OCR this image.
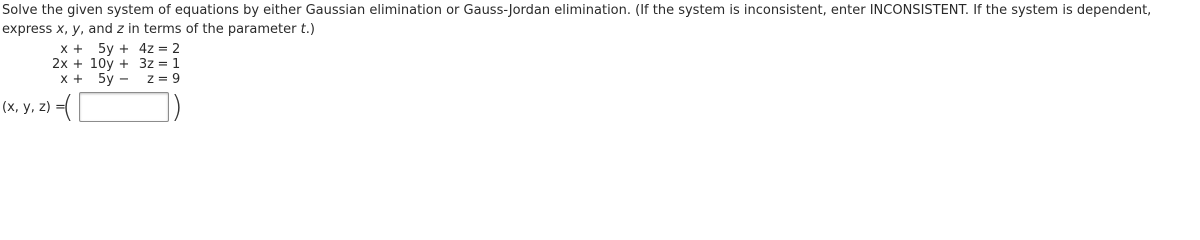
Solve the given system of equations by either Gaussian elimination or Gauss-Jordan elimination. (If the system is inconsistent, enter INCONSISTENT. If the system is dependent, express x, y, and z in terms of the parameter t.)
x	+	5y	+	4z	=	2
2x	+	10y	+	3z	=	1
x	+	5y	−	z	=	9
(x, y, z) =
(	)
